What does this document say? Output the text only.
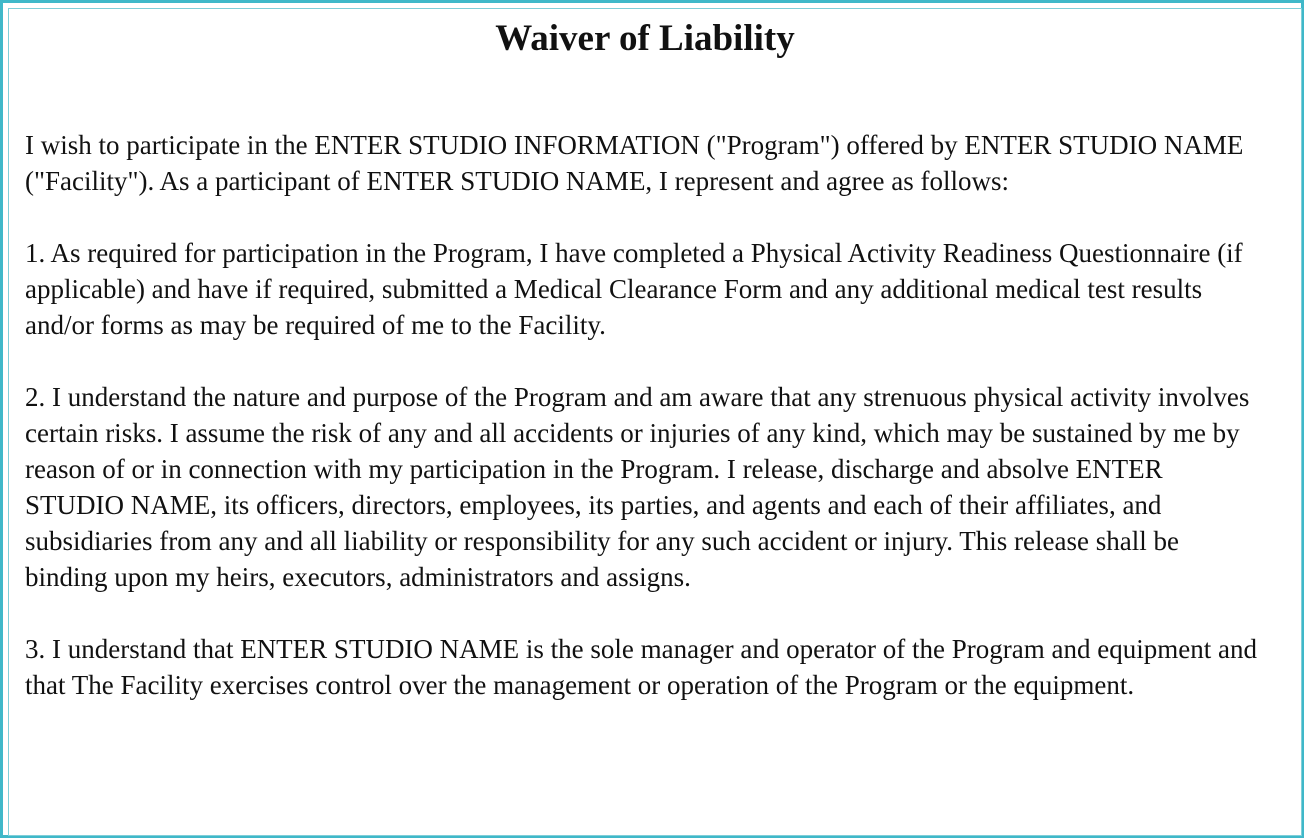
Waiver of Liability

I wish to participate in the ENTER STUDIO INFORMATION ("Program") offered by ENTER STUDIO NAME ("Facility"). As a participant of ENTER STUDIO NAME, I represent and agree as follows:

1. As required for participation in the Program, I have completed a Physical Activity Readiness Questionnaire (if applicable) and have if required, submitted a Medical Clearance Form and any additional medical test results and/or forms as may be required of me to the Facility.

2. I understand the nature and purpose of the Program and am aware that any strenuous physical activity involves certain risks. I assume the risk of any and all accidents or injuries of any kind, which may be sustained by me by reason of or in connection with my participation in the Program. I release, discharge and absolve ENTER STUDIO NAME, its officers, directors, employees, its parties, and agents and each of their affiliates, and subsidiaries from any and all liability or responsibility for any such accident or injury. This release shall be binding upon my heirs, executors, administrators and assigns.

3. I understand that ENTER STUDIO NAME is the sole manager and operator of the Program and equipment and that The Facility exercises control over the management or operation of the Program or the equipment.
